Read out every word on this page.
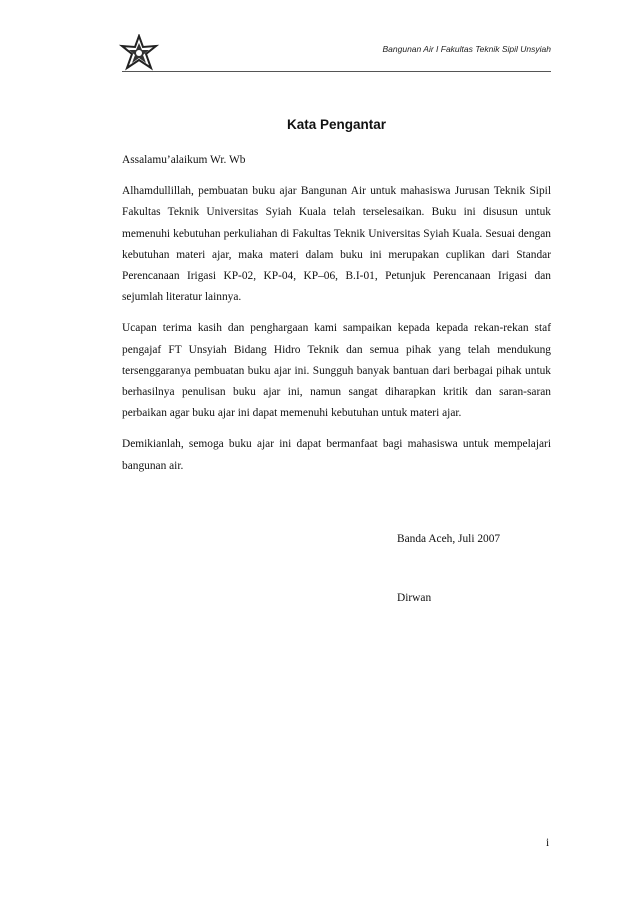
Bangunan Air I Fakultas Teknik Sipil Unsyiah
Kata Pengantar

Assalamu’alaikum Wr. Wb

Alhamdullillah, pembuatan buku ajar Bangunan Air untuk mahasiswa Jurusan Teknik Sipil Fakultas Teknik Universitas Syiah Kuala telah terselesaikan. Buku ini disusun untuk memenuhi kebutuhan perkuliahan di Fakultas Teknik Universitas Syiah Kuala. Sesuai dengan kebutuhan materi ajar, maka materi dalam buku ini merupakan cuplikan dari Standar Perencanaan Irigasi KP-02, KP-04, KP–06, B.I-01, Petunjuk Perencanaan Irigasi dan sejumlah literatur lainnya.

Ucapan terima kasih dan penghargaan kami sampaikan kepada kepada rekan-rekan staf pengajaf FT Unsyiah Bidang Hidro Teknik dan semua pihak yang telah mendukung tersenggaranya pembuatan buku ajar ini. Sungguh banyak bantuan dari berbagai pihak untuk berhasilnya penulisan buku ajar ini, namun sangat diharapkan kritik dan saran-saran perbaikan agar buku ajar ini dapat memenuhi kebutuhan untuk materi ajar.

Demikianlah, semoga buku ajar ini dapat bermanfaat bagi mahasiswa untuk mempelajari bangunan air.

Banda Aceh, Juli 2007
Dirwan
i
